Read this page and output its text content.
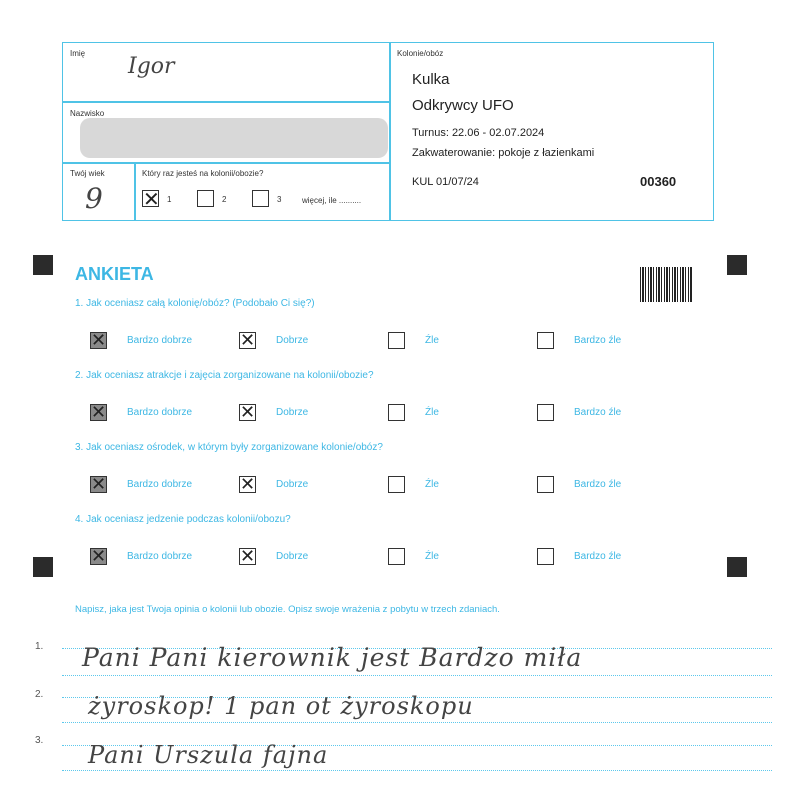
Imię
Igor
Nazwisko
Twój wiek
9
Który raz jesteś na kolonii/obozie?
✕ 1	2	3	więcej, ile ..........
Kolonie/obóz
Kulka
Odkrywcy UFO
Turnus: 22.06 - 02.07.2024
Zakwaterowanie: pokoje z łazienkami
KUL 01/07/24	00360
ANKIETA
1. Jak oceniasz całą kolonię/obóz? (Podobało Ci się?)
✕ Bardzo dobrze	✕ Dobrze	Źle	Bardzo źle
2. Jak oceniasz atrakcje i zajęcia zorganizowane na kolonii/obozie?
✕ Bardzo dobrze	✕ Dobrze	Źle	Bardzo źle
3. Jak oceniasz ośrodek, w którym były zorganizowane kolonie/obóz?
✕ Bardzo dobrze	✕ Dobrze	Źle	Bardzo źle
4. Jak oceniasz jedzenie podczas kolonii/obozu?
✕ Bardzo dobrze	✕ Dobrze	Źle	Bardzo źle
Napisz, jaka jest Twoja opinia o kolonii lub obozie. Opisz swoje wrażenia z pobytu w trzech zdaniach.
1.
2.
3.
Pani Pani kierownik jest Bardzo miła
żyroskop! 1 pan ot żyroskopu
Pani Urszula fajna
